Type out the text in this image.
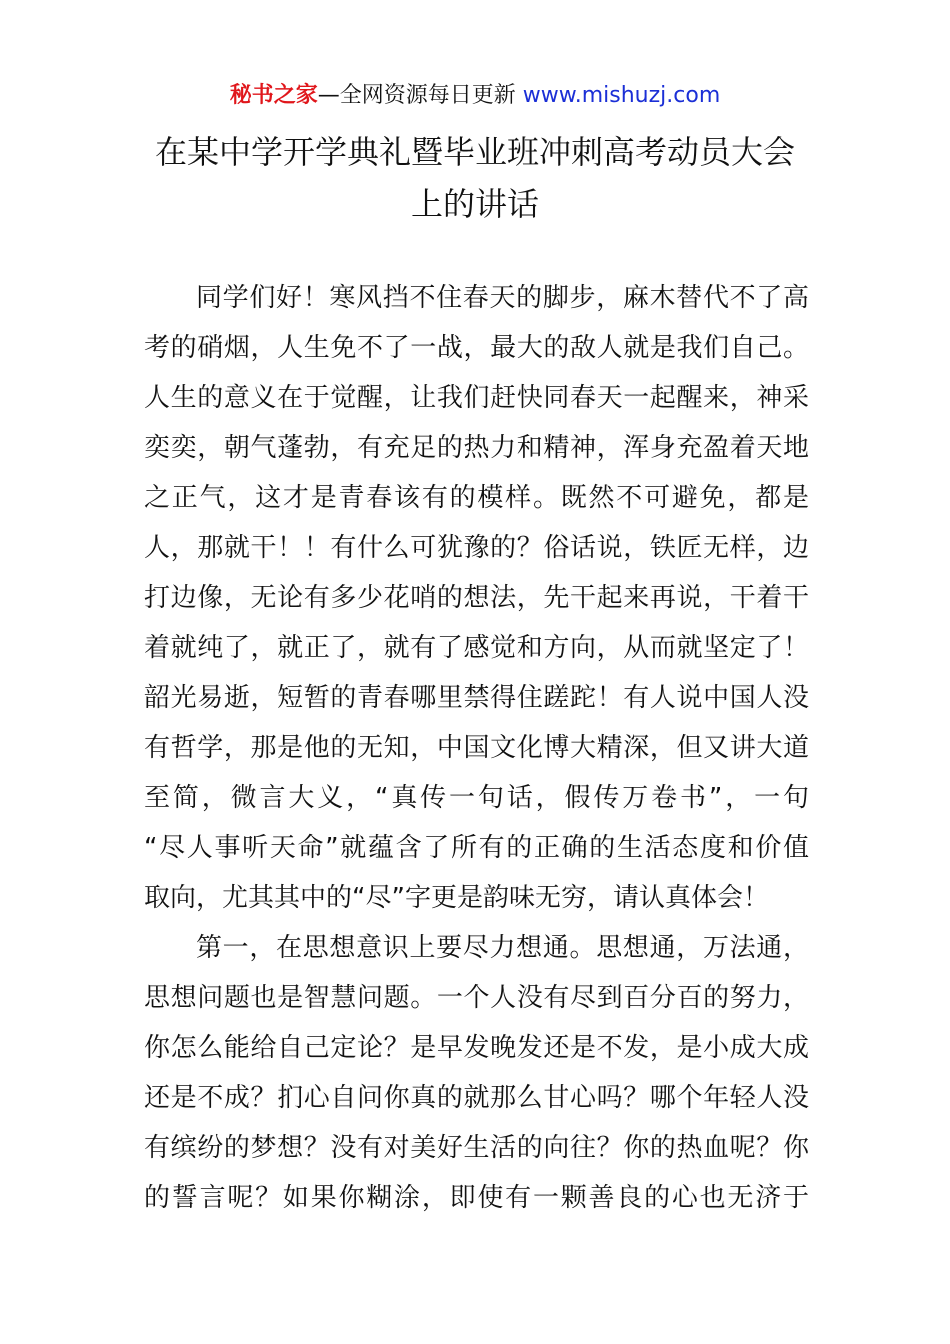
秘书之家—全网资源每日更新 www.mishuzj.com
在某中学开学典礼暨毕业班冲刺高考动员大会
上的讲话
同学们好！寒风挡不住春天的脚步，麻木替代不了高
考的硝烟，人生免不了一战，最大的敌人就是我们自己。
人生的意义在于觉醒，让我们赶快同春天一起醒来，神采
奕奕，朝气蓬勃，有充足的热力和精神，浑身充盈着天地
之正气，这才是青春该有的模样。既然不可避免，都是
人，那就干！！有什么可犹豫的？俗话说，铁匠无样，边
打边像，无论有多少花哨的想法，先干起来再说，干着干
着就纯了，就正了，就有了感觉和方向，从而就坚定了！
韶光易逝，短暂的青春哪里禁得住蹉跎！有人说中国人没
有哲学，那是他的无知，中国文化博大精深，但又讲大道
至简，微言大义，“真传一句话，假传万卷书”，一句
“尽人事听天命”就蕴含了所有的正确的生活态度和价值
取向，尤其其中的“尽”字更是韵味无穷，请认真体会！
第一，在思想意识上要尽力想通。思想通，万法通，
思想问题也是智慧问题。一个人没有尽到百分百的努力，
你怎么能给自己定论？是早发晚发还是不发，是小成大成
还是不成？扪心自问你真的就那么甘心吗？哪个年轻人没
有缤纷的梦想？没有对美好生活的向往？你的热血呢？你
的誓言呢？如果你糊涂，即使有一颗善良的心也无济于
